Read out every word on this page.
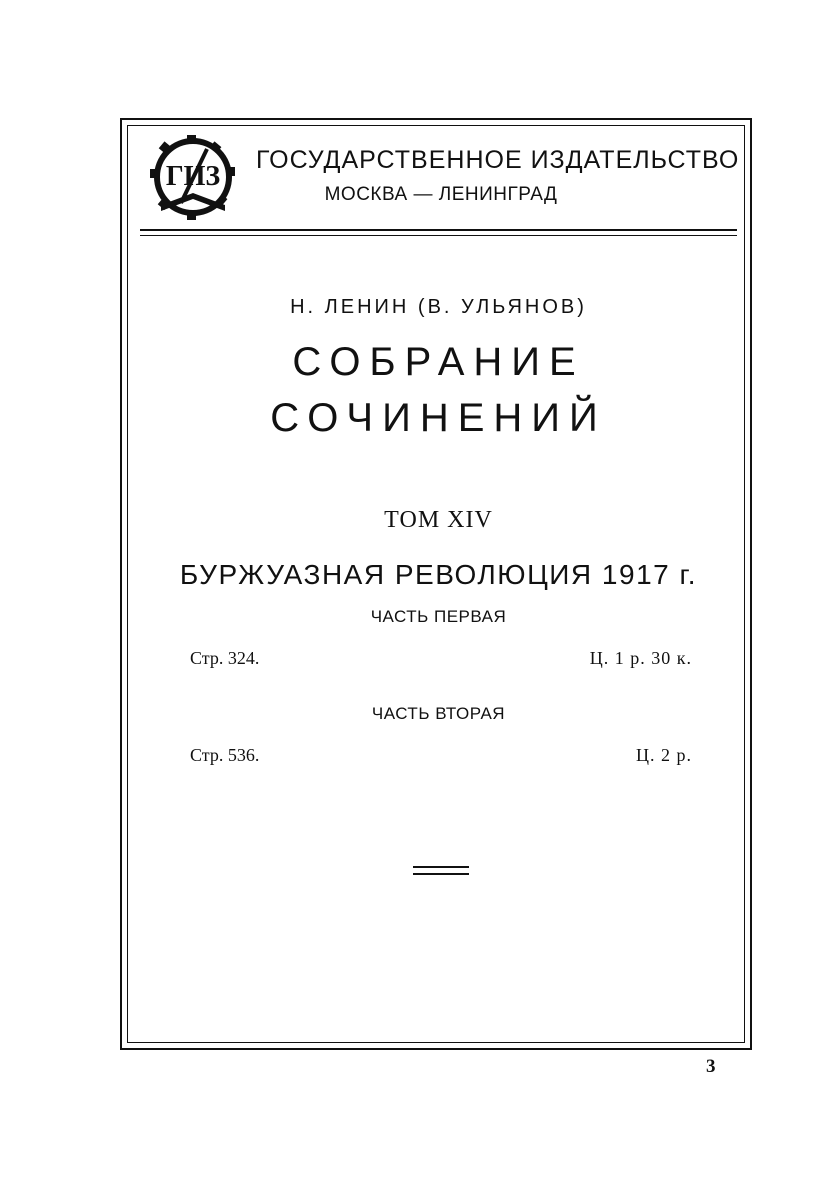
ГИЗ
ГОСУДАРСТВЕННОЕ ИЗДАТЕЛЬСТВО
МОСКВА — ЛЕНИНГРАД
Н. ЛЕНИН (В. УЛЬЯНОВ)
СОБРАНИЕ
СОЧИНЕНИЙ
ТОМ XIV
БУРЖУАЗНАЯ РЕВОЛЮЦИЯ 1917 г.
ЧАСТЬ ПЕРВАЯ
Стр. 324.	Ц. 1 р. 30 к.
ЧАСТЬ ВТОРАЯ
Стр. 536.	Ц. 2 р.
3
